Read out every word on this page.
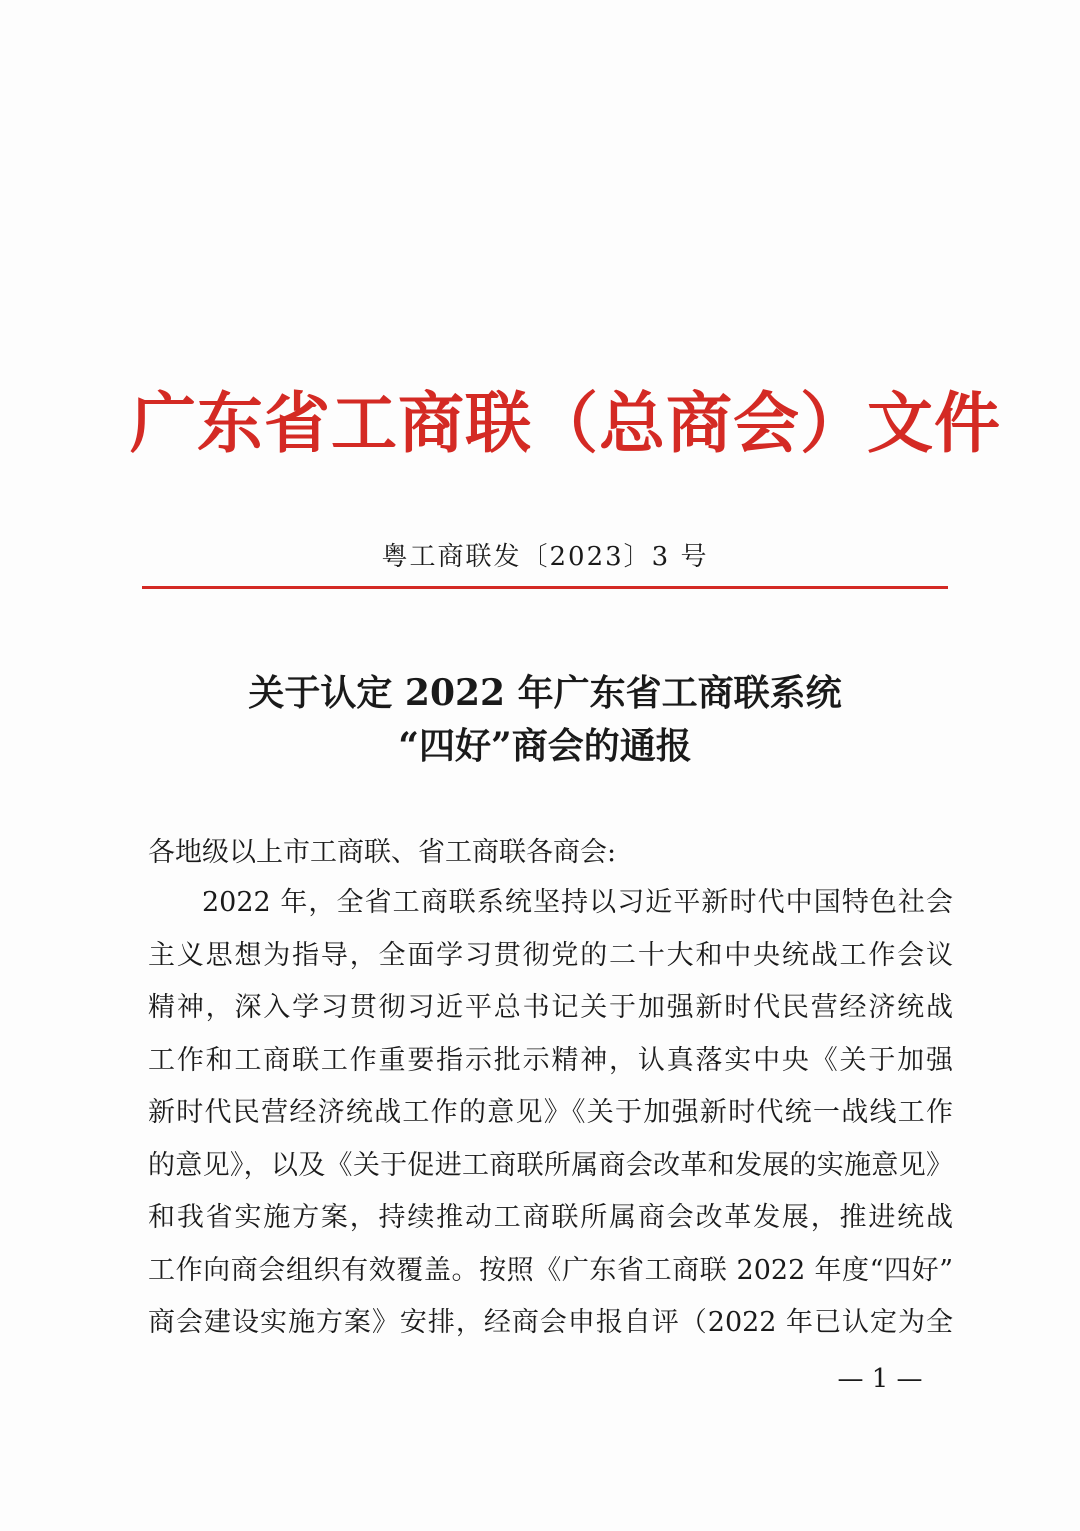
广东省工商联（总商会）文件
粤工商联发〔2023〕3 号
关于认定 2022 年广东省工商联系统
“四好”商会的通报
各地级以上市工商联、省工商联各商会:
2022 年，全省工商联系统坚持以习近平新时代中国特色社会
主义思想为指导，全面学习贯彻党的二十大和中央统战工作会议
精神，深入学习贯彻习近平总书记关于加强新时代民营经济统战
工作和工商联工作重要指示批示精神，认真落实中央《关于加强
新时代民营经济统战工作的意见》《关于加强新时代统一战线工作
的意见》，以及《关于促进工商联所属商会改革和发展的实施意见》
和我省实施方案，持续推动工商联所属商会改革发展，推进统战
工作向商会组织有效覆盖。按照《广东省工商联 2022 年度“四好”
商会建设实施方案》安排，经商会申报自评（2022 年已认定为全
— 1 —
